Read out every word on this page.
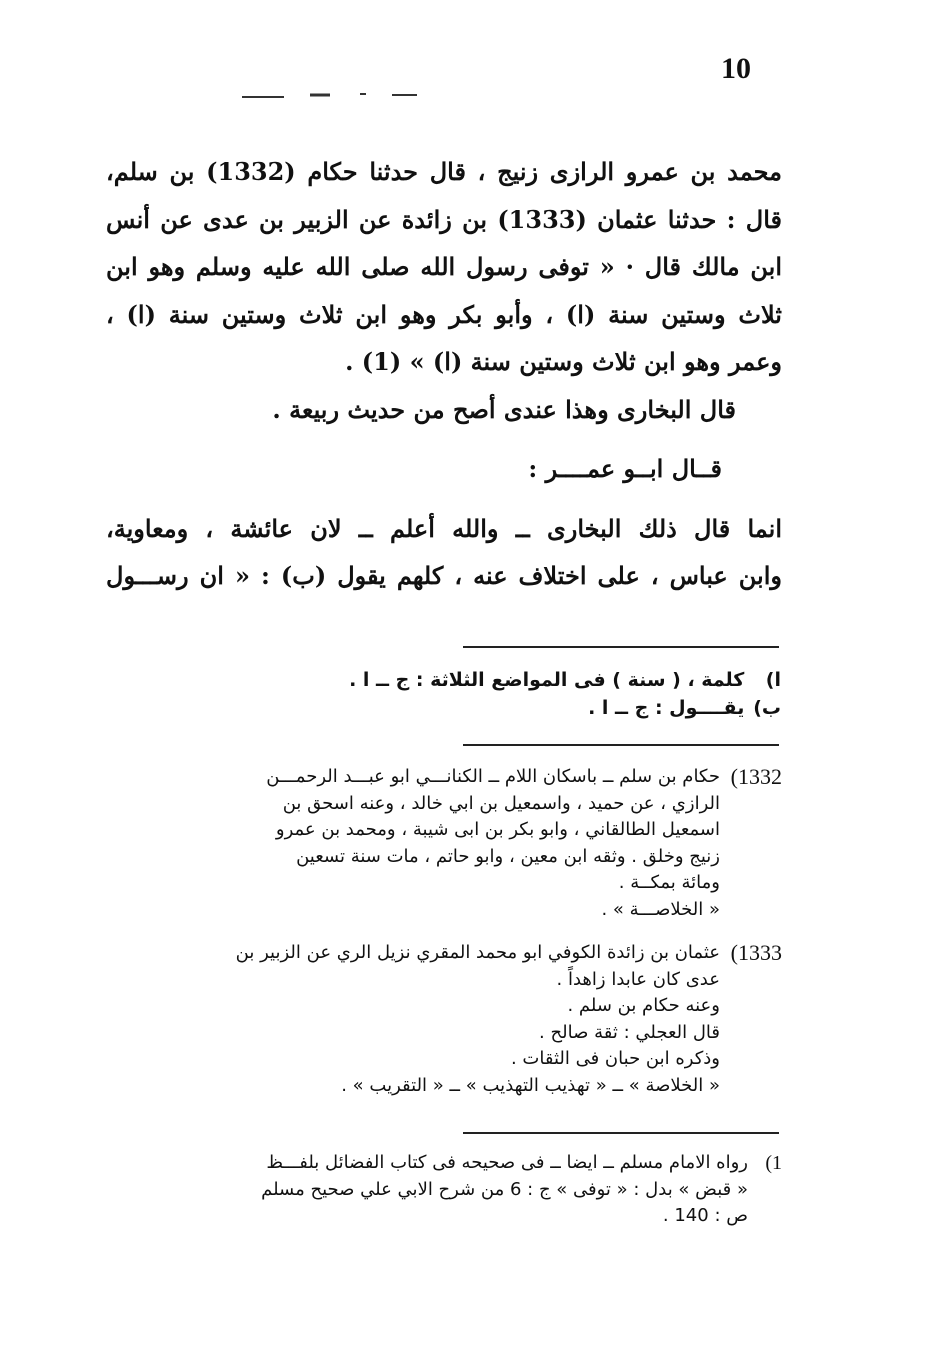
10
محمد بن عمرو الرازى زنيج ، قال حدثنا حكام (1332) بن سلم،
قال : حدثنا عثمان (1333) بن زائدة عن الزبير بن عدى عن أنس
ابن مالك قال · « توفى رسول الله صلى الله عليه وسلم وهو ابن
ثلاث وستين سنة (ا) ، وأبو بكر وهو ابن ثلاث وستين سنة (ا) ،
وعمر وهو ابن ثلاث وستين سنة (ا) » (1) .
قال البخارى وهذا عندى أصح من حديث ربيعة .
قــال ابــو عمــــر :
انما قال ذلك البخارى ــ والله أعلم ــ لان عائشة ، ومعاوية،
وابن عباس ، على اختلاف عنه ، كلهم يقول (ب) : « ان رســـول
ا) كلمة ، ( سنة ) فى المواضع الثلاثة : ج ــ ا .
ب) يقــــول : ج ــ ا .
1332)
حكام بن سلم ــ باسكان اللام ــ الكنانـــي ابو عبـــد الرحمـــن
الرازي ، عن حميد ، واسمعيل بن ابي خالد ، وعنه اسحق بن
اسمعيل الطالقاني ، وابو بكر بن ابى شيبة ، ومحمد بن عمرو
زنيج وخلق . وثقه ابن معين ، وابو حاتم ، مات سنة تسعين
ومائة بمكــة .
« الخلاصـــة » .
1333)
عثمان بن زائدة الكوفي ابو محمد المقري نزيل الري عن الزبير بن
عدى كان عابدا زاهداً .
وعنه حكام بن سلم .
قال العجلي : ثقة صالح .
وذكره ابن حبان فى الثقات .
« الخلاصة » ــ « تهذيب التهذيب » ــ « التقريب » .
1)
رواه الامام مسلم ــ ايضا ــ فى صحيحه فى كتاب الفضائل بلفـــظ
« قبض » بدل : « توفى » ج : 6 من شرح الابي علي صحيح مسلم
ص : 140 .
